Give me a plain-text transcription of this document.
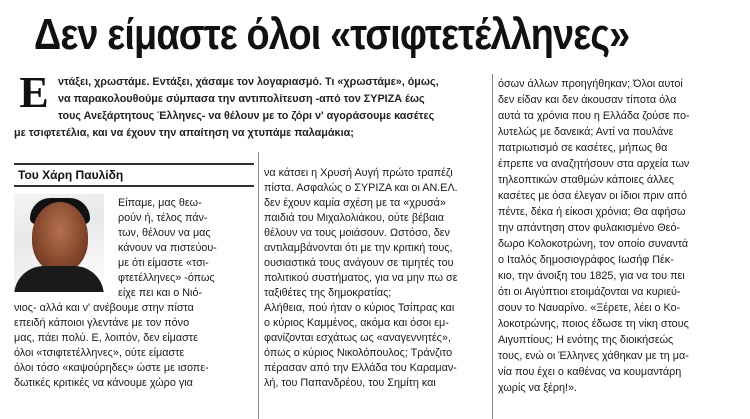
Δεν είμαστε όλοι «τσιφτετέλληνες»
Ε ντάξει, χρωστάμε. Εντάξει, χάσαμε τον λογαριασμό. Τι «χρωστάμε», όμως,
να παρακολουθούμε σύμπασα την αντιπολίτευση -από τον ΣΥΡΙΖΑ έως
τους Ανεξάρτητους Έλληνες- να θέλουν με το ζόρι ν' αγοράσουμε κασέτες
με τσιφτετέλια, και να έχουν την απαίτηση να χτυπάμε παλαμάκια;
Του Χάρη Παυλίδη
Είπαμε, μας θεω-
ρούν ή, τέλος πάν-
των, θέλουν να μας
κάνουν να πιστεύου-
με ότι είμαστε «τσι-
φτετέλληνες» -όπως
είχε πει και ο Νιό-
νιος- αλλά και ν' ανέβουμε στην πίστα
επειδή κάποιοι γλεντάνε με τον πόνο
μας, πάει πολύ. Ε, λοιπόν, δεν είμαστε
όλοι «τσιφτετέλληνες», ούτε είμαστε
όλοι τόσο «καψούρηδες» ώστε με ισοπε-
δωτικές κριτικές να κάνουμε χώρο για
να κάτσει η Χρυσή Αυγή πρώτο τραπέζι
πίστα. Ασφαλώς ο ΣΥΡΙΖΑ και οι ΑΝ.ΕΛ.
δεν έχουν καμία σχέση με τα «χρυσά»
παιδιά του Μιχαλολιάκου, ούτε βέβαια
θέλουν να τους μοιάσουν. Ωστόσο, δεν
αντιλαμβάνονται ότι με την κριτική τους,
ουσιαστικά τους ανάγουν σε τιμητές του
πολιτικού συστήματος, για να μην πω σε
ταξιθέτες της δημοκρατίας;
Αλήθεια, πού ήταν ο κύριος Τσίπρας και
ο κύριος Καμμένος, ακόμα και όσοι εμ-
φανίζονται εσχάτως ως «αναγεννητές»,
όπως ο κύριος Νικολόπουλος; Τράνζιτο
πέρασαν από την Ελλάδα του Καραμαν-
λή, του Παπανδρέου, του Σημίτη και
όσων άλλων προηγήθηκαν; Όλοι αυτοί
δεν είδαν και δεν άκουσαν τίποτα όλα
αυτά τα χρόνια που η Ελλάδα ζούσε πο-
λυτελώς με δανεικά; Αντί να πουλάνε
πατριωτισμό σε κασέτες, μήπως θα
έπρεπε να αναζητήσουν στα αρχεία των
τηλεοπτικών σταθμών κάποιες άλλες
κασέτες με όσα έλεγαν οι ίδιοι πριν από
πέντε, δέκα ή είκοσι χρόνια; Θα αφήσω
την απάντηση στον φυλακισμένο Θεό-
δωρο Κολοκοτρώνη, τον οποίο συναντά
ο Ιταλός δημοσιογράφος Ιωσήφ Πέκ-
κιο, την άνοιξη του 1825, για να του πει
ότι οι Αιγύπτιοι ετοιμάζονται να κυριεύ-
σουν το Ναυαρίνο. «Ξέρετε, λέει ο Κο-
λοκοτρώνης, ποιος έδωσε τη νίκη στους
Αιγυπτίους; Η ενότης της διοικήσεώς
τους, ενώ οι Έλληνες χάθηκαν με τη μα-
νία που έχει ο καθένας να κουμαντάρη
χωρίς να ξέρη!».
